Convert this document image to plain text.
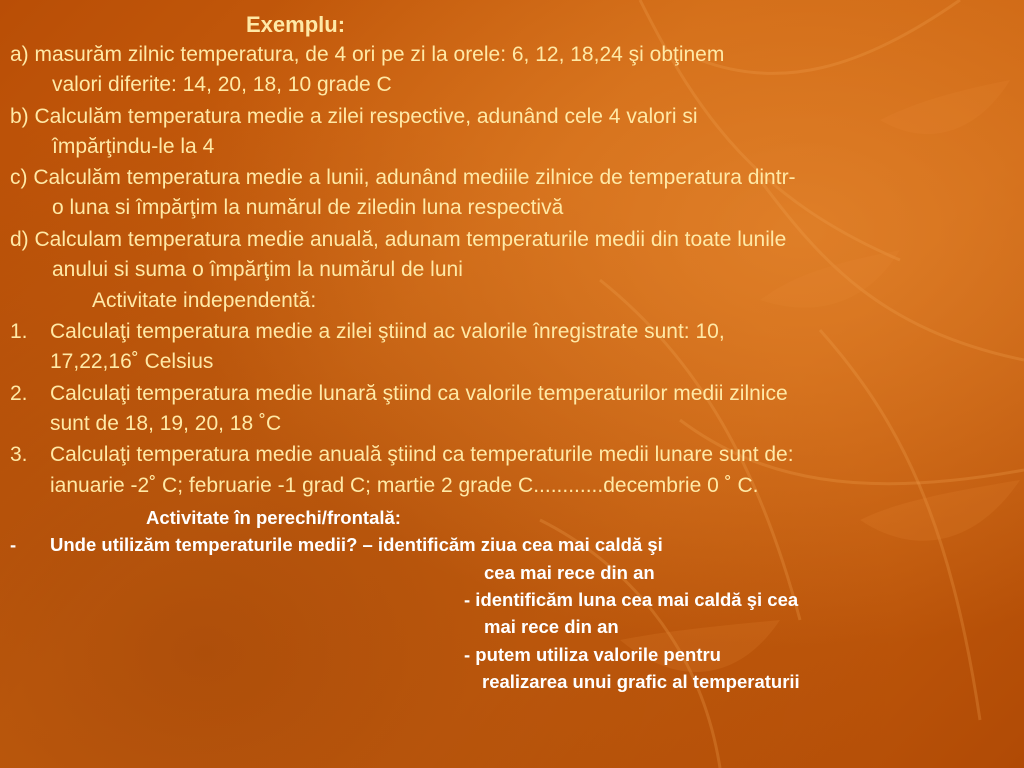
Exemplu:
a) masurăm zilnic temperatura, de 4 ori pe zi la orele: 6, 12, 18,24 şi obţinem
valori diferite: 14, 20, 18, 10 grade C
b) Calculăm temperatura medie a zilei respective, adunând cele 4 valori si
împărţindu-le la 4
c) Calculăm temperatura medie a lunii, adunând mediile zilnice de temperatura dintr-
o luna si împărţim la numărul de ziledin luna respectivă
d) Calculam temperatura medie anuală, adunam temperaturile medii din toate lunile
anului si suma o împărţim la numărul de luni
Activitate independentă:
1. Calculaţi temperatura medie a zilei ştiind ac valorile înregistrate sunt: 10,
17,22,16˚ Celsius
2. Calculaţi temperatura medie lunară ştiind ca valorile temperaturilor medii zilnice
sunt de 18, 19, 20, 18 ˚C
3. Calculaţi temperatura medie anuală ştiind ca temperaturile medii lunare sunt de:
ianuarie -2˚ C; februarie -1 grad C; martie 2 grade C............decembrie 0 ˚ C.
Activitate în perechi/frontală:
- Unde utilizăm temperaturile medii? – identificăm ziua cea mai caldă şi
cea mai rece din an
- identificăm luna cea mai caldă şi cea
mai rece din an
- putem utiliza valorile pentru
realizarea unui grafic al temperaturii
